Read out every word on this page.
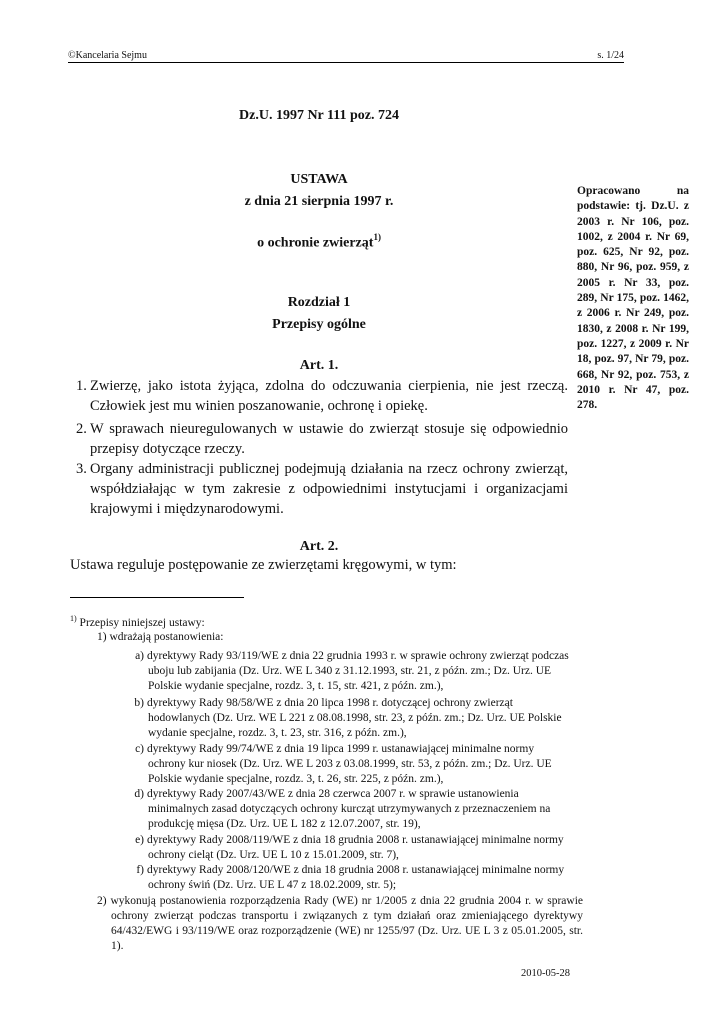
©Kancelaria Sejmu	s. 1/24
Dz.U. 1997 Nr 111 poz. 724
USTAWA
z dnia 21 sierpnia 1997 r.
o ochronie zwierząt$^{1)}$
Opracowano na podstawie: tj. Dz.U. z 2003 r. Nr 106, poz. 1002, z 2004 r. Nr 69, poz. 625, Nr 92, poz. 880, Nr 96, poz. 959, z 2005 r. Nr 33, poz. 289, Nr 175, poz. 1462, z 2006 r. Nr 249, poz. 1830, z 2008 r. Nr 199, poz. 1227, z 2009 r. Nr 18, poz. 97, Nr 79, poz. 668, Nr 92, poz. 753, z 2010 r. Nr 47, poz. 278.
Rozdział 1
Przepisy ogólne
Art. 1.
1. Zwierzę, jako istota żyjąca, zdolna do odczuwania cierpienia, nie jest rzeczą. Człowiek jest mu winien poszanowanie, ochronę i opiekę.
2. W sprawach nieuregulowanych w ustawie do zwierząt stosuje się odpowiednio przepisy dotyczące rzeczy.
3. Organy administracji publicznej podejmują działania na rzecz ochrony zwierząt, współdziałając w tym zakresie z odpowiednimi instytucjami i organizacjami krajowymi i międzynarodowymi.
Art. 2.
Ustawa reguluje postępowanie ze zwierzętami kręgowymi, w tym:
$^{1)}$ Przepisy niniejszej ustawy:
1) wdrażają postanowienia:
a) dyrektywy Rady 93/119/WE z dnia 22 grudnia 1993 r. w sprawie ochrony zwierząt podczas uboju lub zabijania (Dz. Urz. WE L 340 z 31.12.1993, str. 21, z późn. zm.; Dz. Urz. UE Polskie wydanie specjalne, rozdz. 3, t. 15, str. 421, z późn. zm.),
b) dyrektywy Rady 98/58/WE z dnia 20 lipca 1998 r. dotyczącej ochrony zwierząt hodowlanych (Dz. Urz. WE L 221 z 08.08.1998, str. 23, z późn. zm.; Dz. Urz. UE Polskie wydanie specjalne, rozdz. 3, t. 23, str. 316, z późn. zm.),
c) dyrektywy Rady 99/74/WE z dnia 19 lipca 1999 r. ustanawiającej minimalne normy ochrony kur niosek (Dz. Urz. WE L 203 z 03.08.1999, str. 53, z późn. zm.; Dz. Urz. UE Polskie wydanie specjalne, rozdz. 3, t. 26, str. 225, z późn. zm.),
d) dyrektywy Rady 2007/43/WE z dnia 28 czerwca 2007 r. w sprawie ustanowienia minimalnych zasad dotyczących ochrony kurcząt utrzymywanych z przeznaczeniem na produkcję mięsa (Dz. Urz. UE L 182 z 12.07.2007, str. 19),
e) dyrektywy Rady 2008/119/WE z dnia 18 grudnia 2008 r. ustanawiającej minimalne normy ochrony cieląt (Dz. Urz. UE L 10 z 15.01.2009, str. 7),
f) dyrektywy Rady 2008/120/WE z dnia 18 grudnia 2008 r. ustanawiającej minimalne normy ochrony świń (Dz. Urz. UE L 47 z 18.02.2009, str. 5);
2) wykonują postanowienia rozporządzenia Rady (WE) nr 1/2005 z dnia 22 grudnia 2004 r. w sprawie ochrony zwierząt podczas transportu i związanych z tym działań oraz zmieniającego dyrektywy 64/432/EWG i 93/119/WE oraz rozporządzenie (WE) nr 1255/97 (Dz. Urz. UE L 3 z 05.01.2005, str. 1).
2010-05-28
